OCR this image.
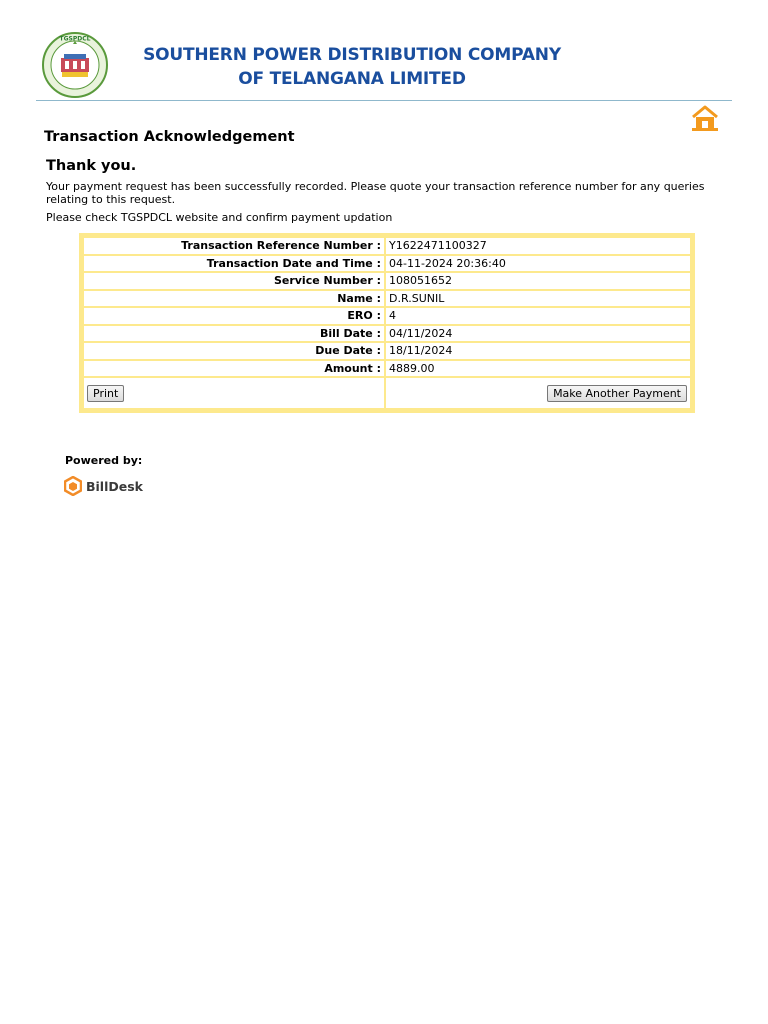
TGSPDCL
SOUTHERN POWER DISTRIBUTION COMPANY
OF TELANGANA LIMITED
Transaction Acknowledgement
Thank you.
Your payment request has been successfully recorded. Please quote your transaction reference number for any queries relating to this request.
Please check TGSPDCL website and confirm payment updation
Transaction Reference Number :	Y1622471100327
Transaction Date and Time :	04-11-2024 20:36:40
Service Number :	108051652
Name :	D.R.SUNIL
ERO :	4
Bill Date :	04/11/2024
Due Date :	18/11/2024
Amount :	4889.00
Print	Make Another Payment
Powered by:
BillDesk
